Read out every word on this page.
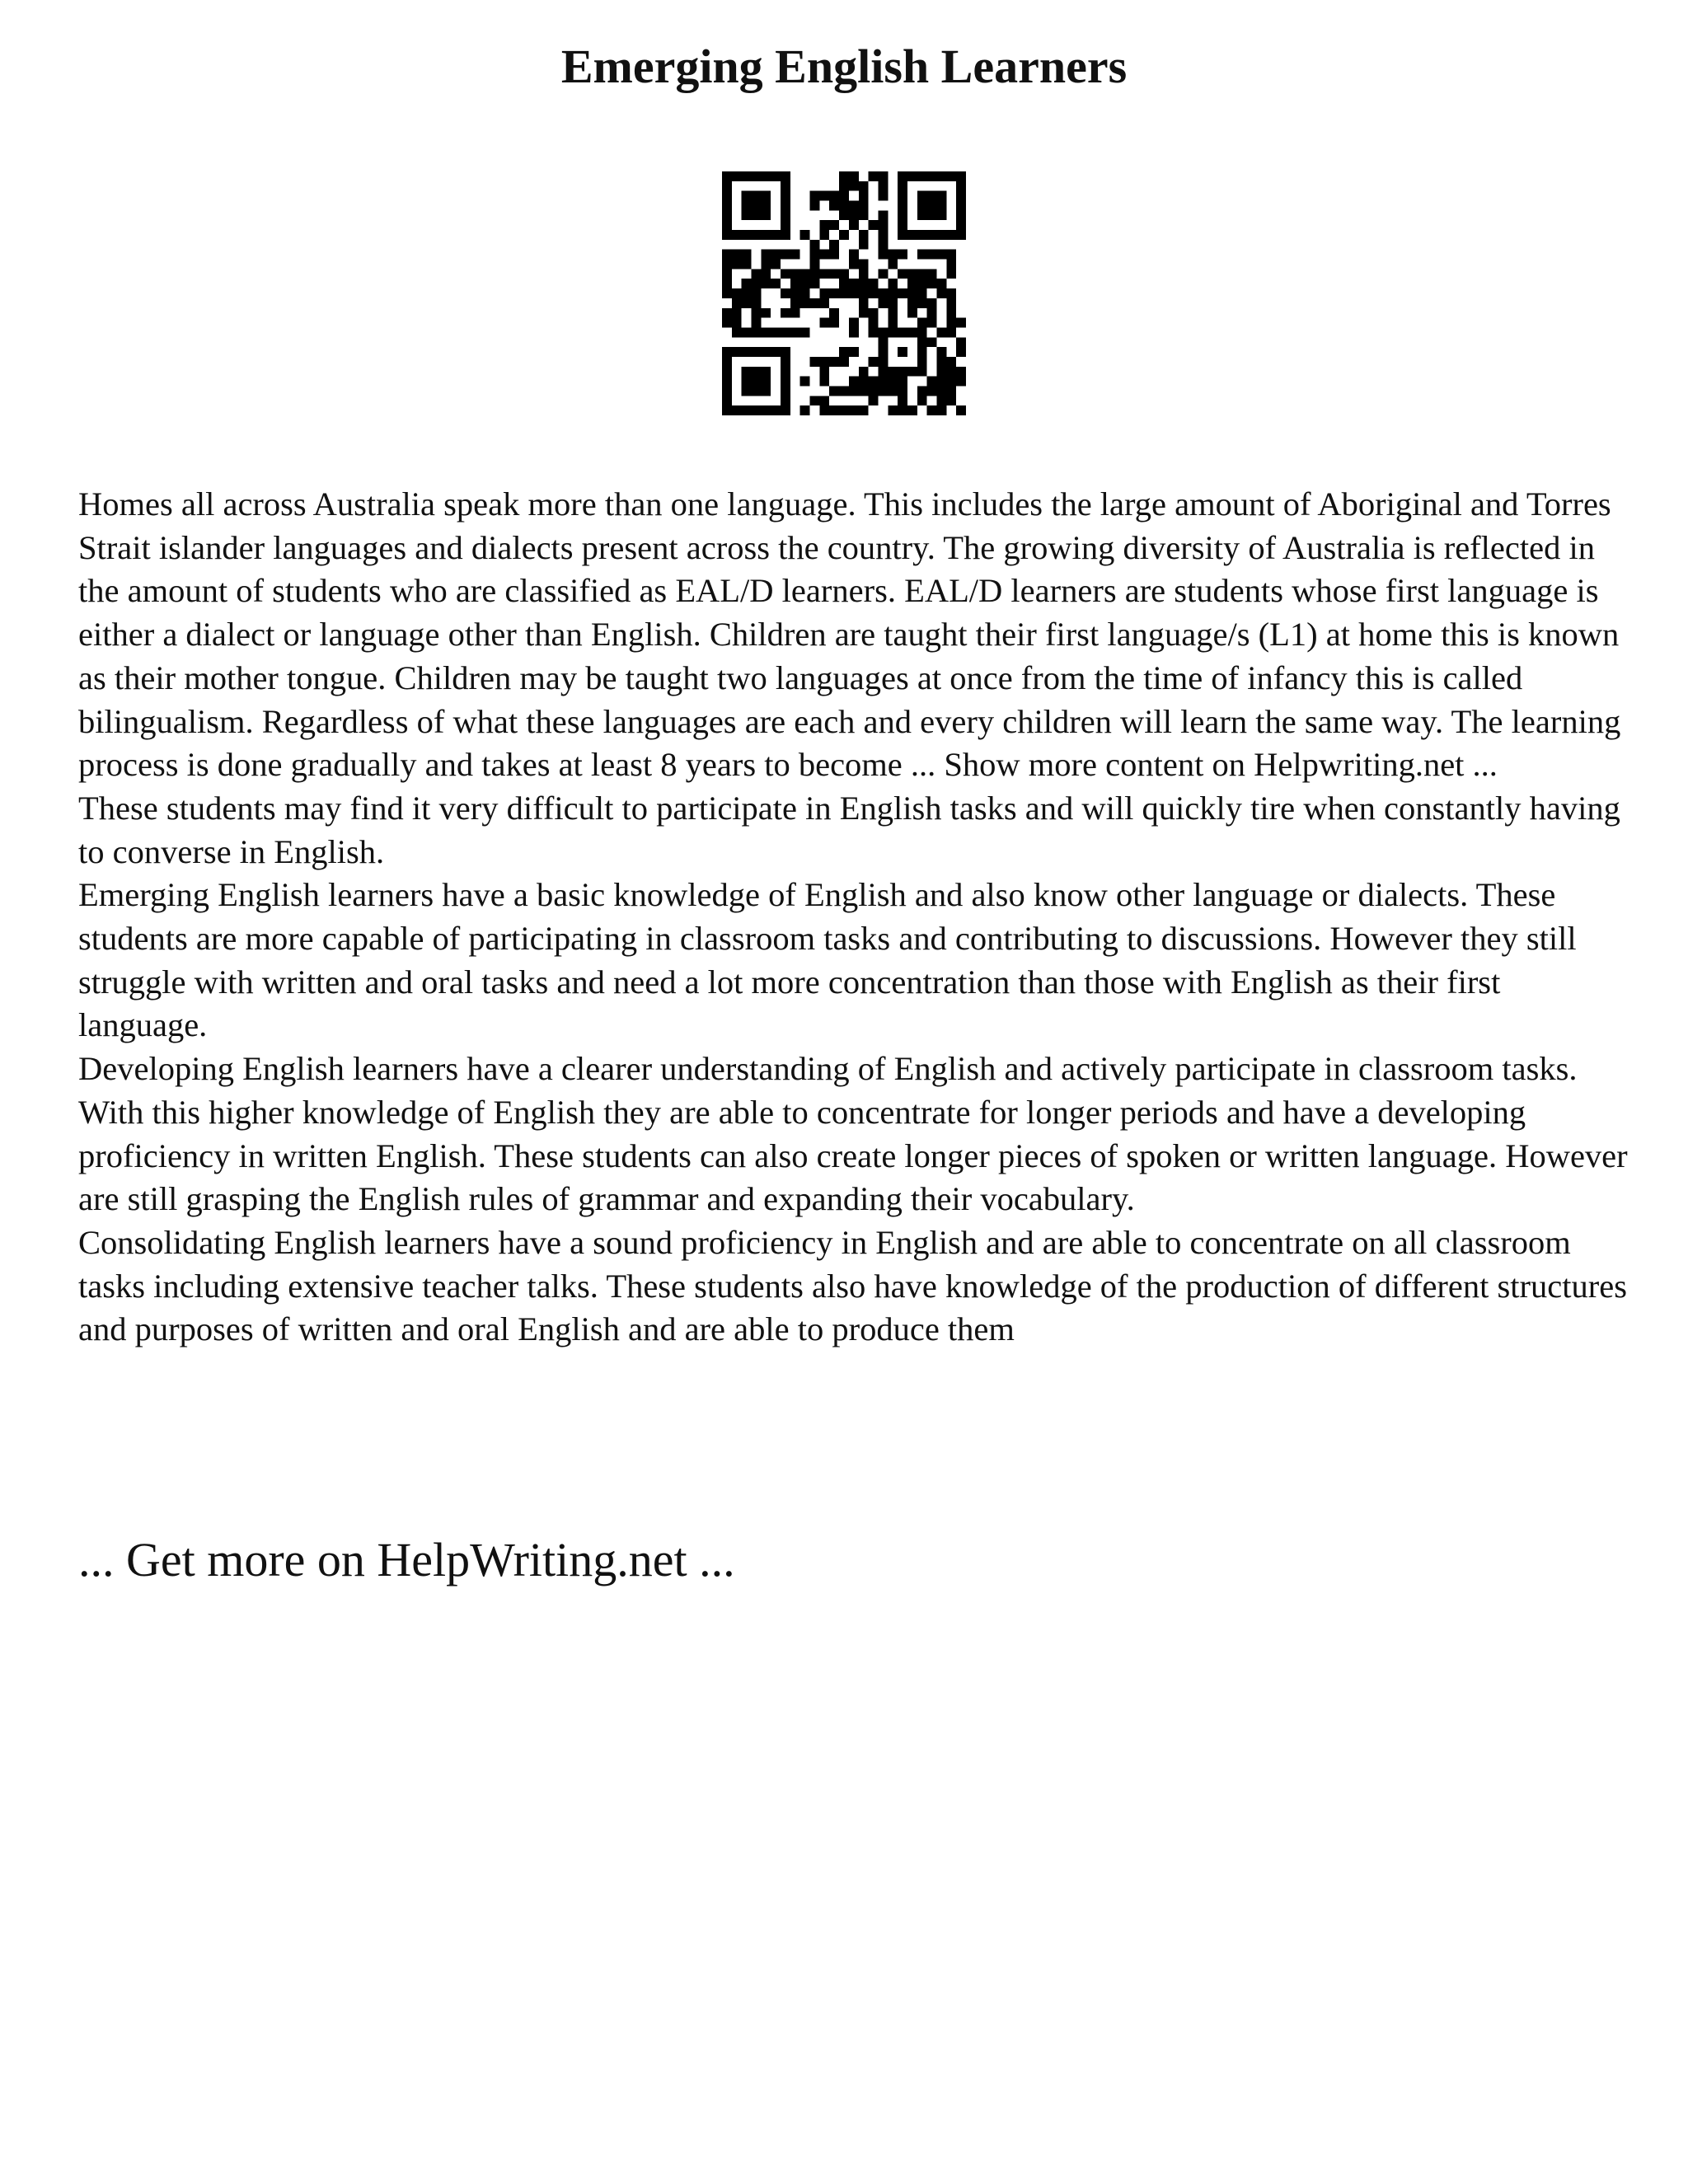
Emerging English Learners

Homes all across Australia speak more than one language. This includes the large amount of Aboriginal and Torres Strait islander languages and dialects present across the country. The growing diversity of Australia is reflected in the amount of students who are classified as EAL/D learners. EAL/D learners are students whose first language is either a dialect or language other than English. Children are taught their first language/s (L1) at home this is known as their mother tongue. Children may be taught two languages at once from the time of infancy this is called bilingualism. Regardless of what these languages are each and every children will learn the same way. The learning process is done gradually and takes at least 8 years to become ... Show more content on Helpwriting.net ...

These students may find it very difficult to participate in English tasks and will quickly tire when constantly having to converse in English.

Emerging English learners have a basic knowledge of English and also know other language or dialects. These students are more capable of participating in classroom tasks and contributing to discussions. However they still struggle with written and oral tasks and need a lot more concentration than those with English as their first language.

Developing English learners have a clearer understanding of English and actively participate in classroom tasks. With this higher knowledge of English they are able to concentrate for longer periods and have a developing proficiency in written English. These students can also create longer pieces of spoken or written language. However are still grasping the English rules of grammar and expanding their vocabulary.

Consolidating English learners have a sound proficiency in English and are able to concentrate on all classroom tasks including extensive teacher talks. These students also have knowledge of the production of different structures and purposes of written and oral English and are able to produce them

... Get more on HelpWriting.net ...
